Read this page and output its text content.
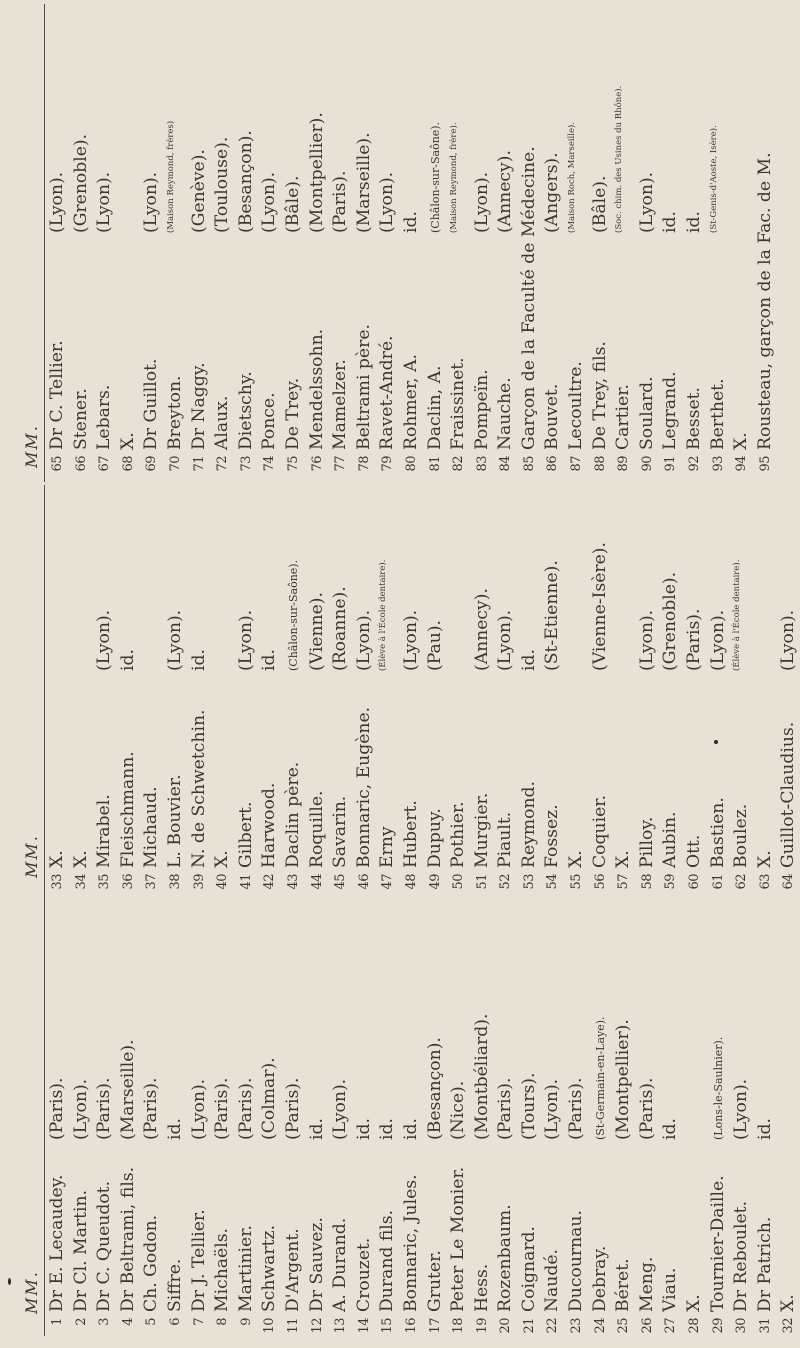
MM.
MM.
MM.
1
Dr E. Lecaudey.
(Paris).
2
Dr Cl. Martin.
(Lyon).
3
Dr C. Queudot.
(Paris).
4
Dr Beltrami, fils.
(Marseille).
5
Ch. Godon.
(Paris).
6
Siffre.
id.
7
Dr J. Tellier.
(Lyon).
8
Michaëls.
(Paris).
9
Martinier.
(Paris).
10
Schwartz.
(Colmar).
11
D'Argent.
(Paris).
12
Dr Sauvez.
id.
13
A. Durand.
(Lyon).
14
Crouzet.
id.
15
Durand fils.
id.
16
Bonnaric, Jules.
id.
17
Gruter.
(Besançon).
18
Peter Le Monier.
(Nice).
19
Hess.
(Montbéliard).
20
Rozenbaum.
(Paris).
21
Coignard.
(Tours).
22
Naudé.
(Lyon).
23
Ducournau.
(Paris).
24
Debray.
(St-Germain-en-Laye).
25
Béret.
(Montpellier).
26
Meng.
(Paris).
27
Viau.
id.
28
X.
29
Tournier-Daille.
(Lons-le-Saulnier).
30
Dr Reboulet.
(Lyon).
31
Dr Patrich.
id.
32
X.
33
X.
34
X.
35
Mirabel.
(Lyon).
36
Fleischmann.
id.
37
Michaud.
38
L. Bouvier.
(Lyon).
39
N. de Schwetchin.
id.
40
X.
41
Gilbert.
(Lyon).
42
Harwood.
id.
43
Daclin père.
(Châlon-sur-Saône).
44
Roquille.
(Vienne).
45
Savarin.
(Roanne).
46
Bonnaric, Eugène.
(Lyon).
47
Erny
(Élève à l'École dentaire).
48
Hubert.
(Lyon).
49
Dupuy.
(Pau).
50
Pothier.
51
Murgier.
(Annecy).
52
Piault.
(Lyon).
53
Reymond.
id.
54
Fossez.
(St-Etienne).
55
X.
56
Coquier.
(Vienne-Isère).
57
X.
58
Pilloy.
(Lyon).
59
Aubin.
(Grenoble).
60
Ott.
(Paris).
61
Bastien.
(Lyon).
62
Boulez.
(Élève à l'École dentaire).
63
X.
64
Guillot-Claudius.
(Lyon).
65
Dr C. Tellier.
(Lyon).
66
Stener.
(Grenoble).
67
Lebars.
(Lyon).
68
X.
69
Dr Guillot.
(Lyon).
70
Breyton.
(Maison Reymond, frères)
71
Dr Naggy.
(Genève).
72
Alaux.
(Toulouse).
73
Dietschy.
(Besançon).
74
Ponce.
(Lyon).
75
De Trey.
(Bâle).
76
Mendelssohn.
(Montpellier).
77
Mamelzer.
(Paris).
78
Beltrami père.
(Marseille).
79
Ravet-André.
(Lyon).
80
Rohmer, A.
id.
81
Daclin, A.
(Châlon-sur-Saône).
82
Fraissinet.
(Maison Reymond, frère).
83
Pompeïn.
(Lyon).
84
Nauche.
(Annecy).
85
Garçon de la Faculté de Médecine.
86
Bouvet.
(Angers).
87
Lecoultre.
(Maison Roch, Marseille).
88
De Trey, fils.
(Bâle).
89
Cartier.
(Soc. chim. des Usines du Rhône).
90
Soulard.
(Lyon).
91
Legrand.
id.
92
Besset.
id.
93
Berthet.
(St-Genis-d'Aoste, Isère).
94
X.
95
Rousteau, garçon de la Fac. de M.
